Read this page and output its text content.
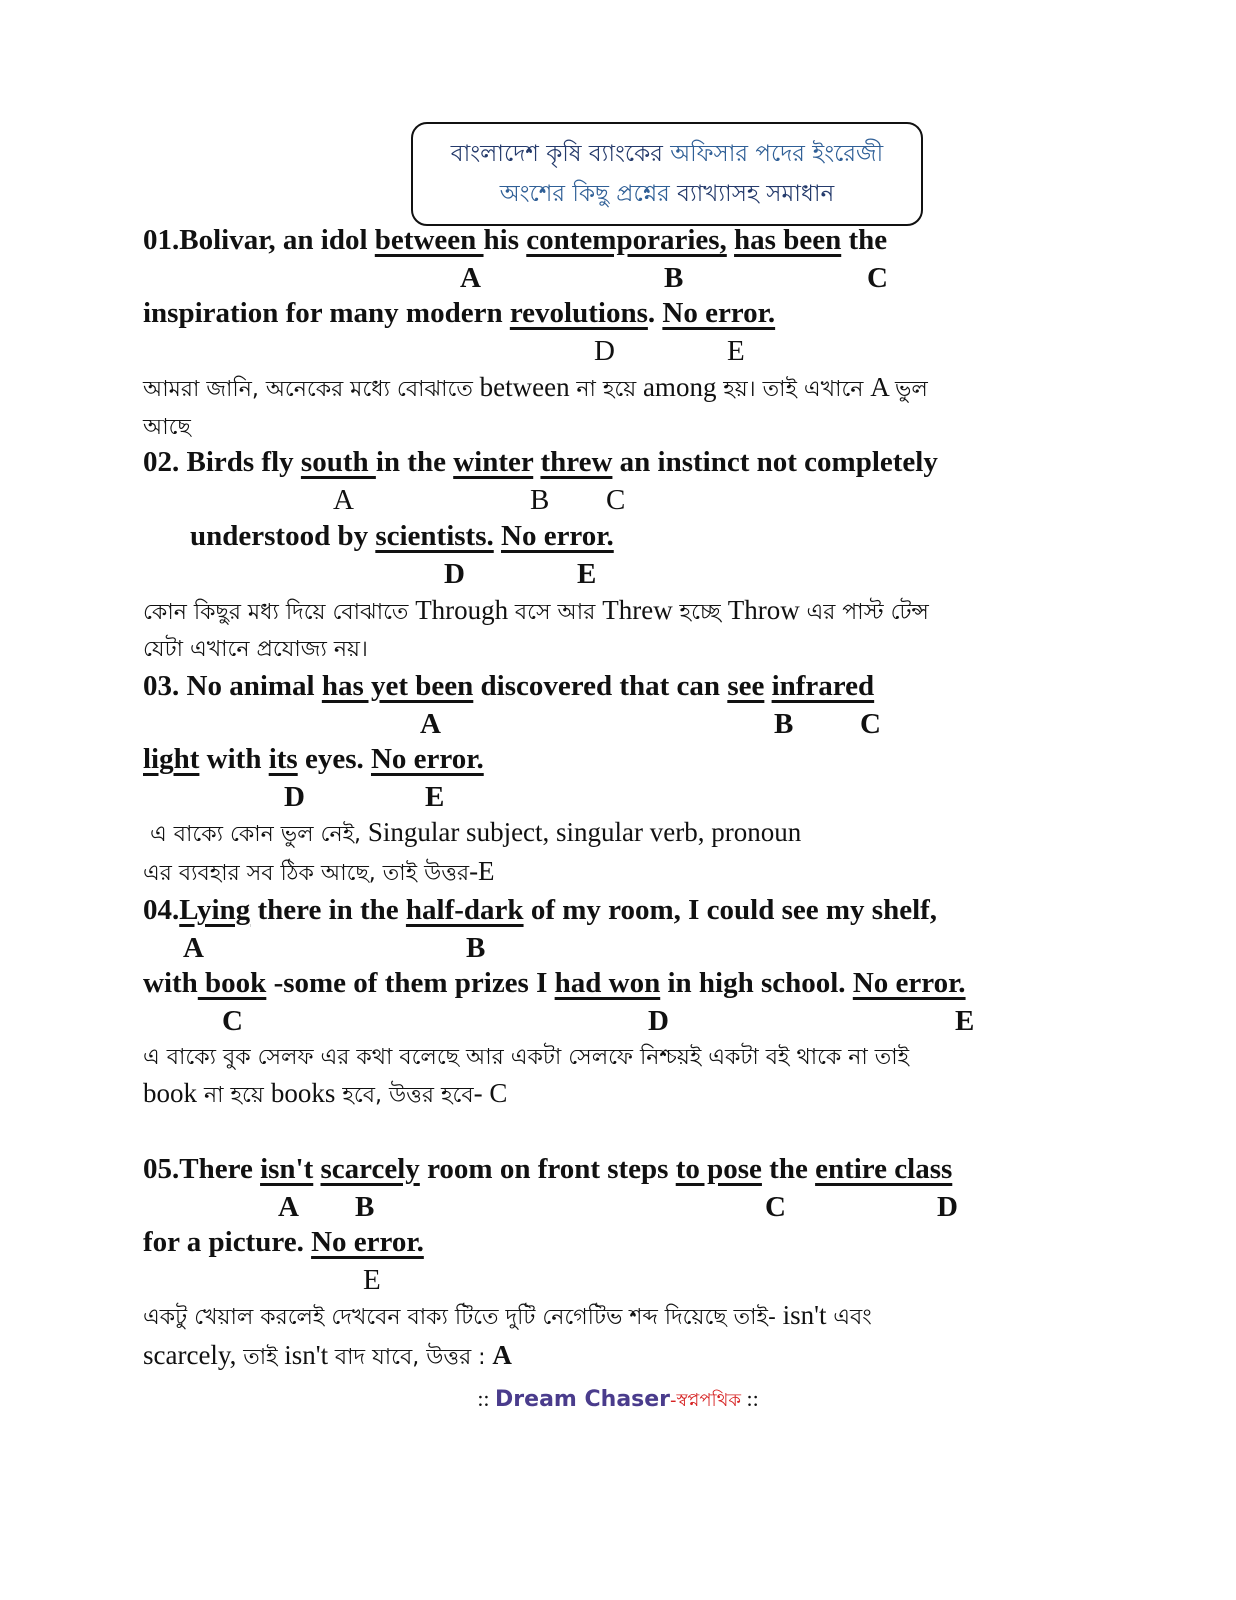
বাংলাদেশ কৃষি ব্যাংকের অফিসার পদের ইংরেজী
অংশের কিছু প্রশ্নের ব্যাখ্যাসহ সমাধান
01.Bolivar, an idol between his contemporaries, has been the
A	B	C
inspiration for many modern revolutions. No error.
D	E
আমরা জানি, অনেকের মধ্যে বোঝাতে between না হয়ে among হয়। তাই এখানে A ভুল
আছে
02. Birds fly south in the winter threw an instinct not completely
A	B C
understood by scientists. No error.
D	E
কোন কিছুর মধ্য দিয়ে বোঝাতে Through বসে আর Threw হচ্ছে Throw এর পাস্ট টেন্স
যেটা এখানে প্রযোজ্য নয়।
03. No animal has yet been discovered that can see infrared
A	B C
light with its eyes. No error.
D	E
এ বাক্যে কোন ভুল নেই, Singular subject, singular verb, pronoun
এর ব্যবহার সব ঠিক আছে, তাই উত্তর-E
04.Lying there in the half-dark of my room, I could see my shelf,
A	B
with book -some of them prizes I had won in high school. No error.
C	D	E
এ বাক্যে বুক সেলফ এর কথা বলেছে আর একটা সেলফে নিশ্চয়ই একটা বই থাকে না তাই
book না হয়ে books হবে, উত্তর হবে- C
05.There isn't scarcely room on front steps to pose the entire class
A B	C	D
for a picture. No error.
E
একটু খেয়াল করলেই দেখবেন বাক্য টিতে দুটি নেগেটিভ শব্দ দিয়েছে তাই- isn't এবং
scarcely, তাই isn't বাদ যাবে, উত্তর : A
:: Dream Chaser-স্বপ্নপথিক ::
